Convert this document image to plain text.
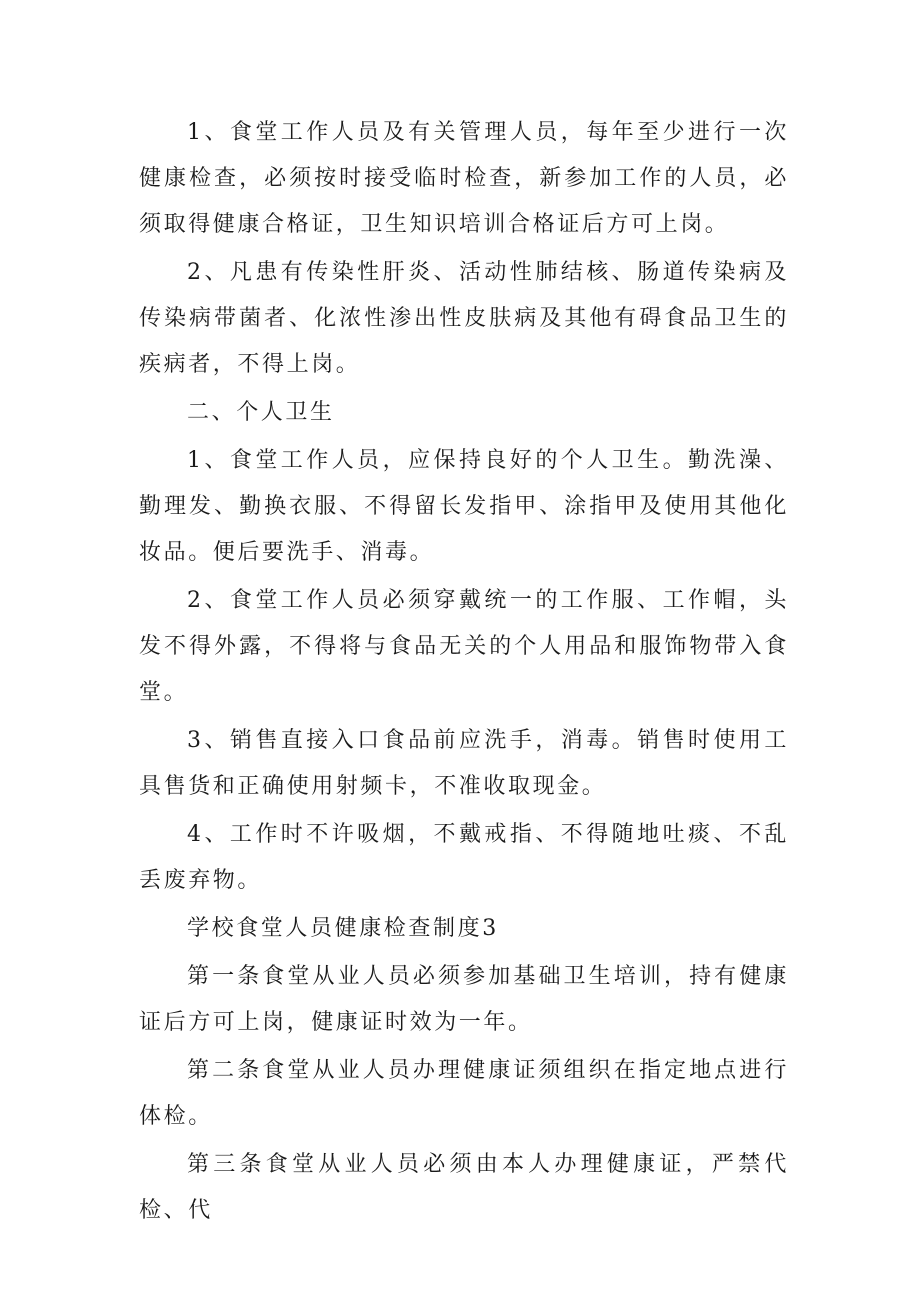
1、食堂工作人员及有关管理人员，每年至少进行一次健康检查，必须按时接受临时检查，新参加工作的人员，必须取得健康合格证，卫生知识培训合格证后方可上岗。

2、凡患有传染性肝炎、活动性肺结核、肠道传染病及传染病带菌者、化浓性渗出性皮肤病及其他有碍食品卫生的疾病者，不得上岗。

二、个人卫生

1、食堂工作人员，应保持良好的个人卫生。勤洗澡、勤理发、勤换衣服、不得留长发指甲、涂指甲及使用其他化妆品。便后要洗手、消毒。

2、食堂工作人员必须穿戴统一的工作服、工作帽，头发不得外露，不得将与食品无关的个人用品和服饰物带入食堂。

3、销售直接入口食品前应洗手，消毒。销售时使用工具售货和正确使用射频卡，不准收取现金。

4、工作时不许吸烟，不戴戒指、不得随地吐痰、不乱丢废弃物。

学校食堂人员健康检查制度3

第一条食堂从业人员必须参加基础卫生培训，持有健康证后方可上岗，健康证时效为一年。

第二条食堂从业人员办理健康证须组织在指定地点进行体检。

第三条食堂从业人员必须由本人办理健康证，严禁代检、代
